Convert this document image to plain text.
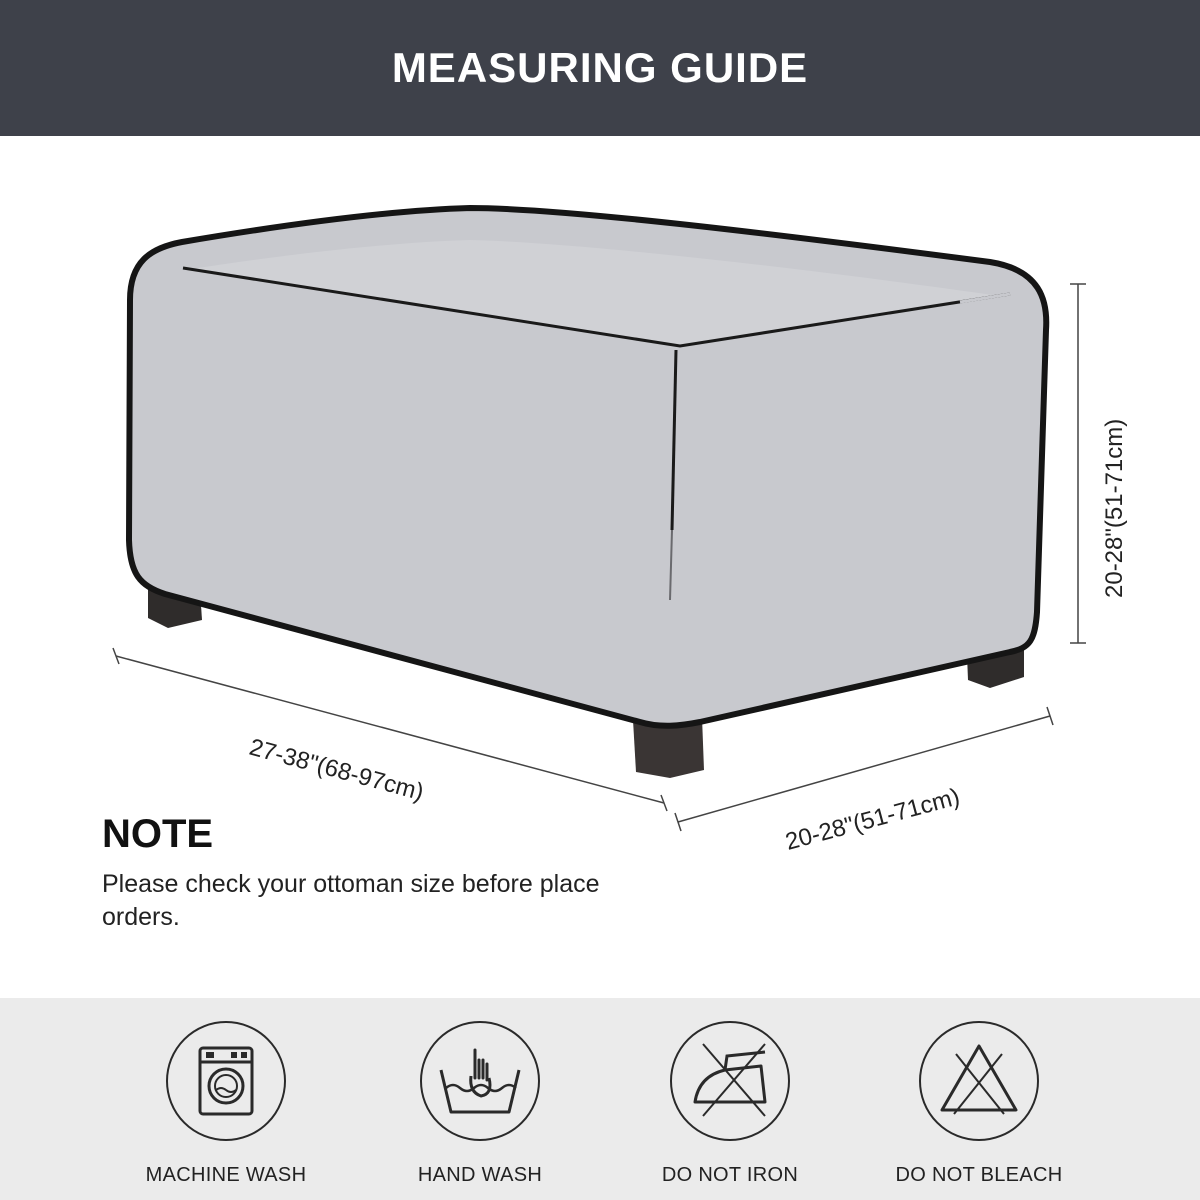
MEASURING GUIDE
27-38"(68-97cm)
20-28"(51-71cm)
20-28"(51-71cm)
NOTE

Please check your ottoman size before place orders.

MACHINE WASH	HAND WASH	DO NOT IRON	DO NOT BLEACH
